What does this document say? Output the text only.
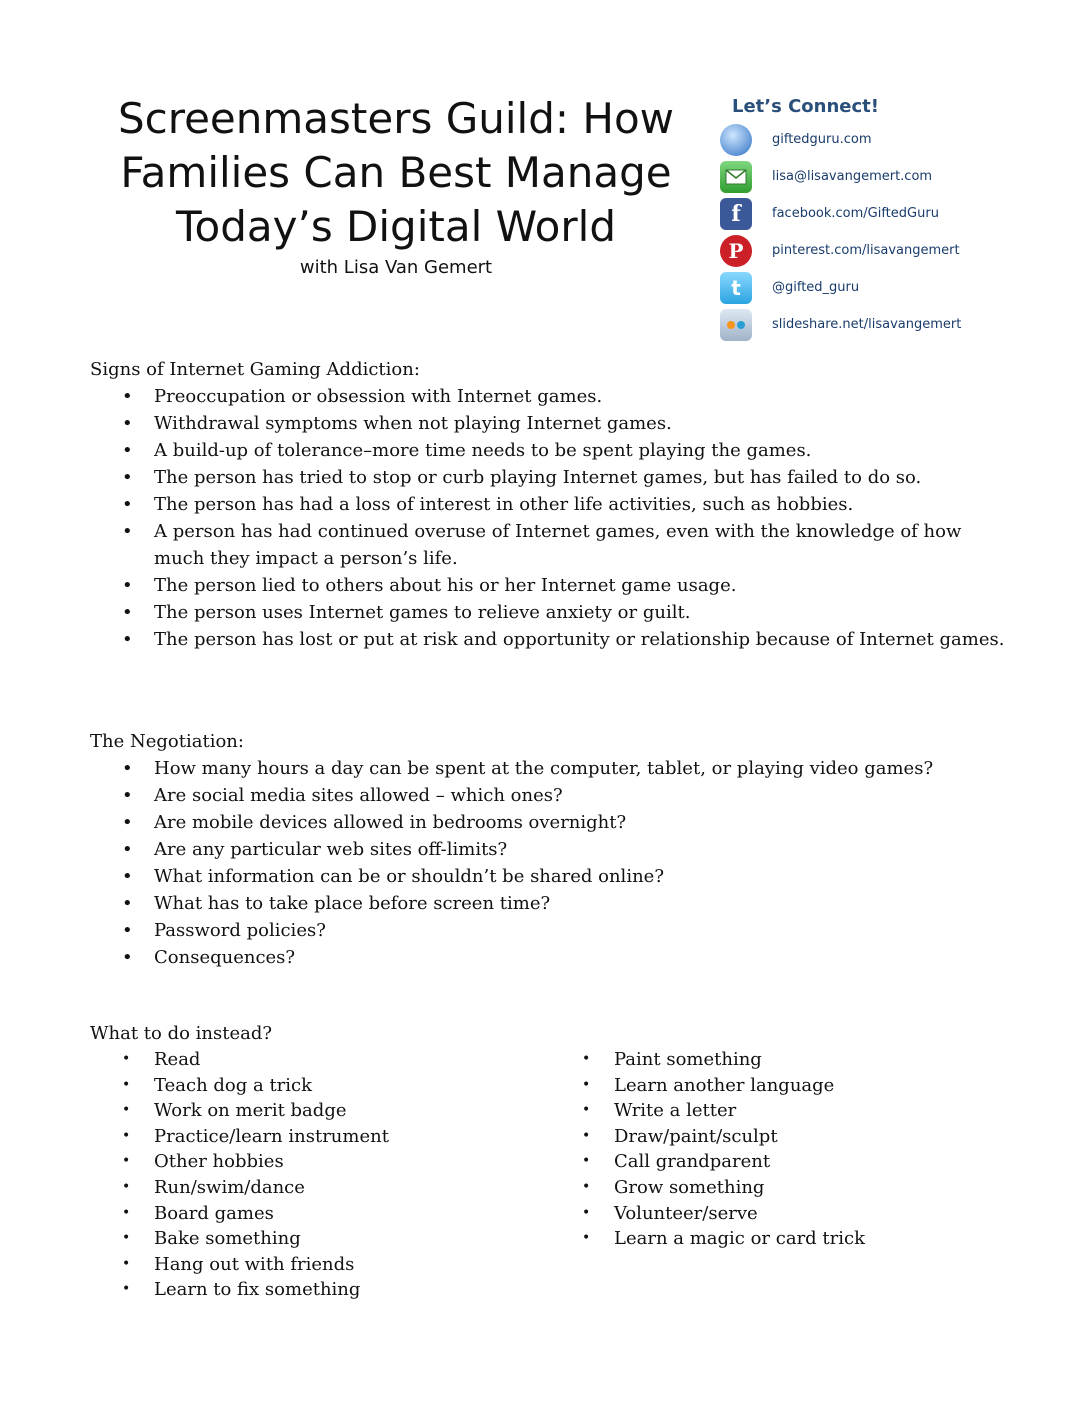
Screenmasters Guild: How
Families Can Best Manage
Today’s Digital World
with Lisa Van Gemert
Let’s Connect!
giftedguru.com
lisa@lisavangemert.com
f	facebook.com/GiftedGuru
P	pinterest.com/lisavangemert
t	@gifted_guru
slideshare.net/lisavangemert

Signs of Internet Gaming Addiction:

• Preoccupation or obsession with Internet games.
• Withdrawal symptoms when not playing Internet games.
• A build-up of tolerance–more time needs to be spent playing the games.
• The person has tried to stop or curb playing Internet games, but has failed to do so.
• The person has had a loss of interest in other life activities, such as hobbies.
• A person has had continued overuse of Internet games, even with the knowledge of how much they impact a person’s life.
• The person lied to others about his or her Internet game usage.
• The person uses Internet games to relieve anxiety or guilt.
• The person has lost or put at risk and opportunity or relationship because of Internet games.

The Negotiation:

• How many hours a day can be spent at the computer, tablet, or playing video games?
• Are social media sites allowed – which ones?
• Are mobile devices allowed in bedrooms overnight?
• Are any particular web sites off-limits?
• What information can be or shouldn’t be shared online?
• What has to take place before screen time?
• Password policies?
• Consequences?

What to do instead?

• Read
• Teach dog a trick
• Work on merit badge
• Practice/learn instrument
• Other hobbies
• Run/swim/dance
• Board games
• Bake something
• Hang out with friends
• Learn to fix something
• Paint something
• Learn another language
• Write a letter
• Draw/paint/sculpt
• Call grandparent
• Grow something
• Volunteer/serve
• Learn a magic or card trick
